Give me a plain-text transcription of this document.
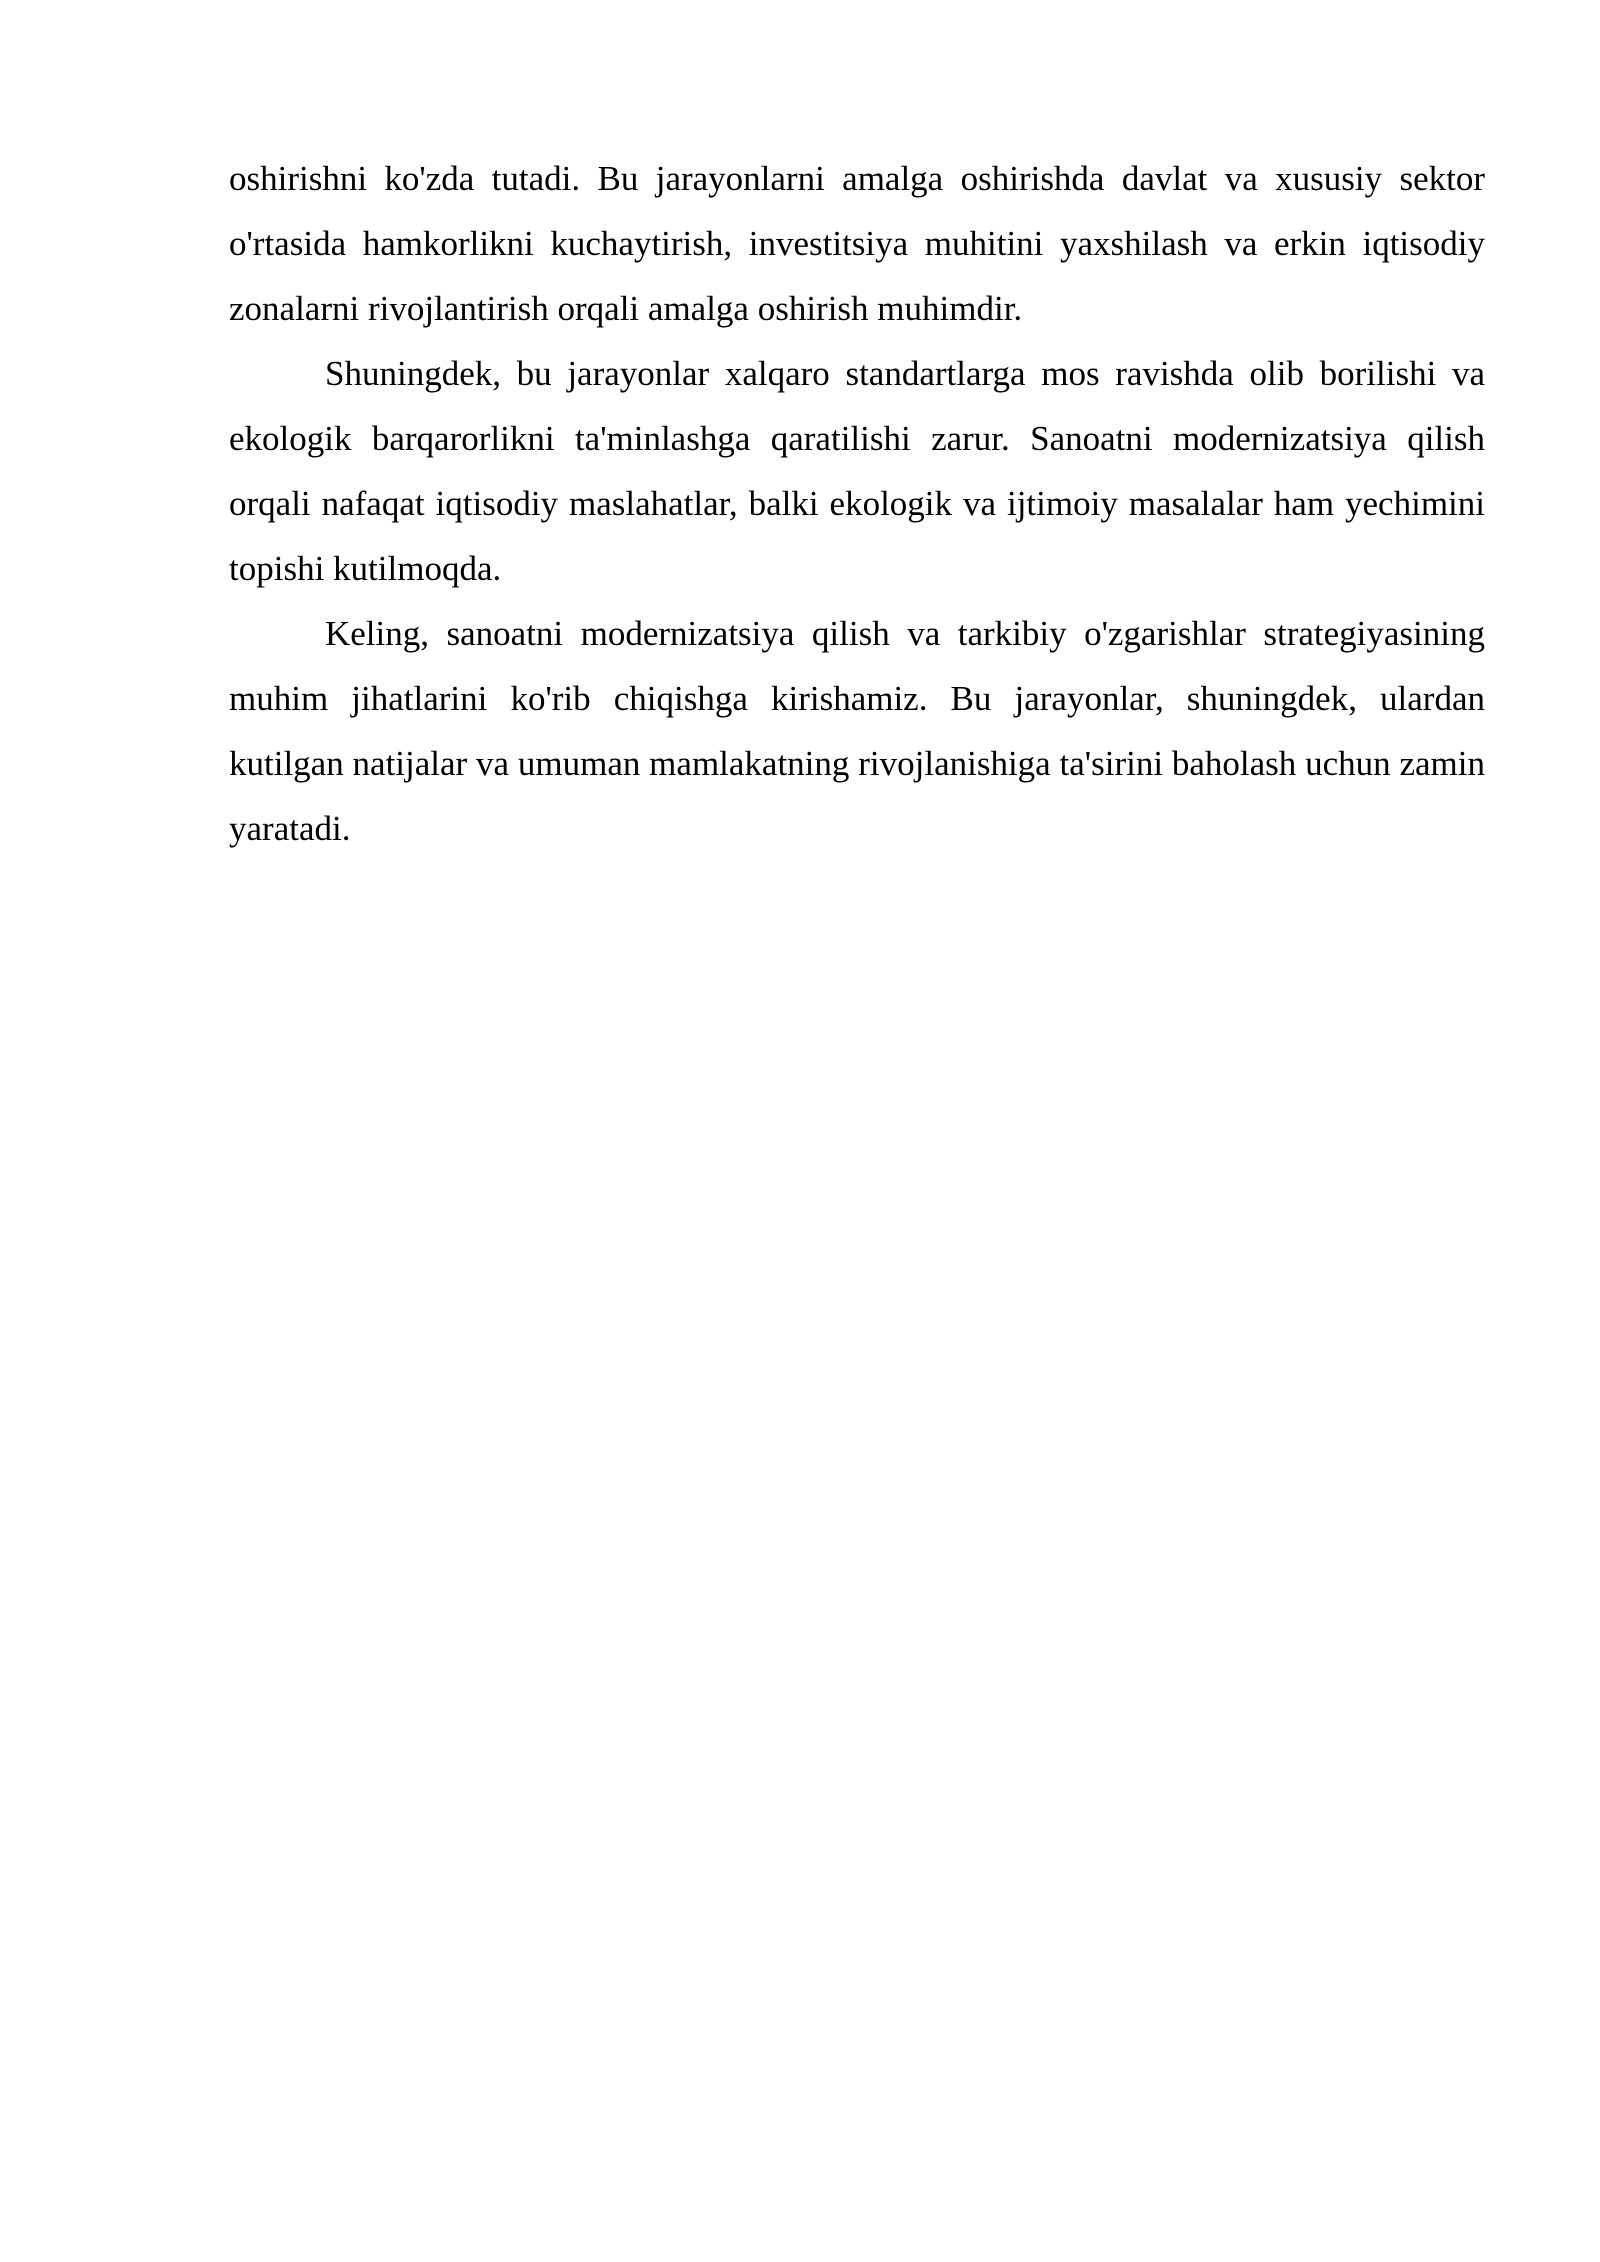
oshirishni ko'zda tutadi. Bu jarayonlarni amalga oshirishda davlat va xususiy sektor o'rtasida hamkorlikni kuchaytirish, investitsiya muhitini yaxshilash va erkin iqtisodiy zonalarni rivojlantirish orqali amalga oshirish muhimdir.

Shuningdek, bu jarayonlar xalqaro standartlarga mos ravishda olib borilishi va ekologik barqarorlikni ta'minlashga qaratilishi zarur. Sanoatni modernizatsiya qilish orqali nafaqat iqtisodiy maslahatlar, balki ekologik va ijtimoiy masalalar ham yechimini topishi kutilmoqda.

Keling, sanoatni modernizatsiya qilish va tarkibiy o'zgarishlar strategiyasining muhim jihatlarini ko'rib chiqishga kirishamiz. Bu jarayonlar, shuningdek, ulardan kutilgan natijalar va umuman mamlakatning rivojlanishiga ta'sirini baholash uchun zamin yaratadi.
